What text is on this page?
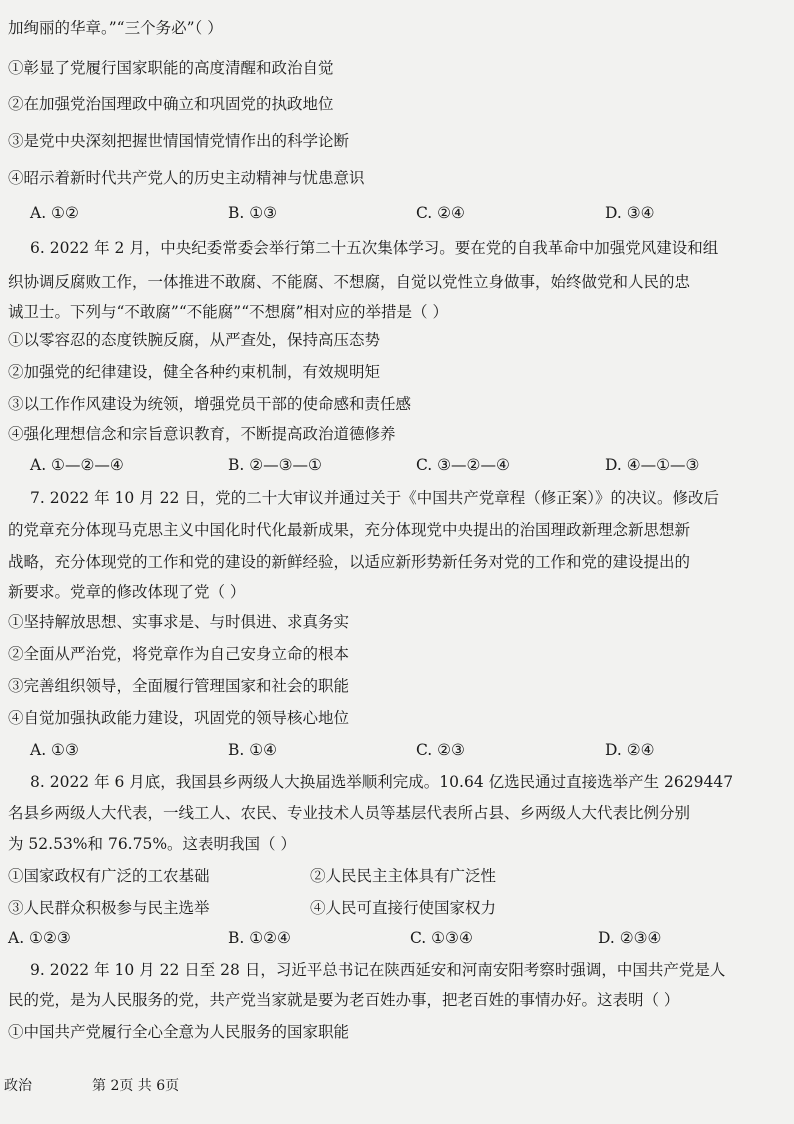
加绚丽的华章。”“三个务必”（ ）
①彰显了党履行国家职能的高度清醒和政治自觉
②在加强党治国理政中确立和巩固党的执政地位
③是党中央深刻把握世情国情党情作出的科学论断
④昭示着新时代共产党人的历史主动精神与忧患意识
A. ①②	B. ①③	C. ②④	D. ③④
6. 2022 年 2 月，中央纪委常委会举行第二十五次集体学习。要在党的自我革命中加强党风建设和组
织协调反腐败工作，一体推进不敢腐、不能腐、不想腐，自觉以党性立身做事，始终做党和人民的忠
诚卫士。下列与“不敢腐”“不能腐”“不想腐”相对应的举措是（ ）
①以零容忍的态度铁腕反腐，从严查处，保持高压态势
②加强党的纪律建设，健全各种约束机制，有效规明矩
③以工作作风建设为统领，增强党员干部的使命感和责任感
④强化理想信念和宗旨意识教育，不断提高政治道德修养
A. ①—②—④	B. ②—③—①	C. ③—②—④	D. ④—①—③
7. 2022 年 10 月 22 日，党的二十大审议并通过关于《中国共产党章程（修正案）》的决议。修改后
的党章充分体现马克思主义中国化时代化最新成果，充分体现党中央提出的治国理政新理念新思想新
战略，充分体现党的工作和党的建设的新鲜经验，以适应新形势新任务对党的工作和党的建设提出的
新要求。党章的修改体现了党（ ）
①坚持解放思想、实事求是、与时俱进、求真务实
②全面从严治党，将党章作为自己安身立命的根本
③完善组织领导，全面履行管理国家和社会的职能
④自觉加强执政能力建设，巩固党的领导核心地位
A. ①③	B. ①④	C. ②③	D. ②④
8. 2022 年 6 月底，我国县乡两级人大换届选举顺利完成。10.64 亿选民通过直接选举产生 2629447
名县乡两级人大代表，一线工人、农民、专业技术人员等基层代表所占县、乡两级人大代表比例分别
为 52.53%和 76.75%。这表明我国（ ）
①国家政权有广泛的工农基础	②人民民主主体具有广泛性
③人民群众积极参与民主选举	④人民可直接行使国家权力
A. ①②③	B. ①②④	C. ①③④	D. ②③④
9. 2022 年 10 月 22 日至 28 日，习近平总书记在陕西延安和河南安阳考察时强调，中国共产党是人
民的党，是为人民服务的党，共产党当家就是要为老百姓办事，把老百姓的事情办好。这表明（ ）
①中国共产党履行全心全意为人民服务的国家职能
政治	第 2页 共 6页
